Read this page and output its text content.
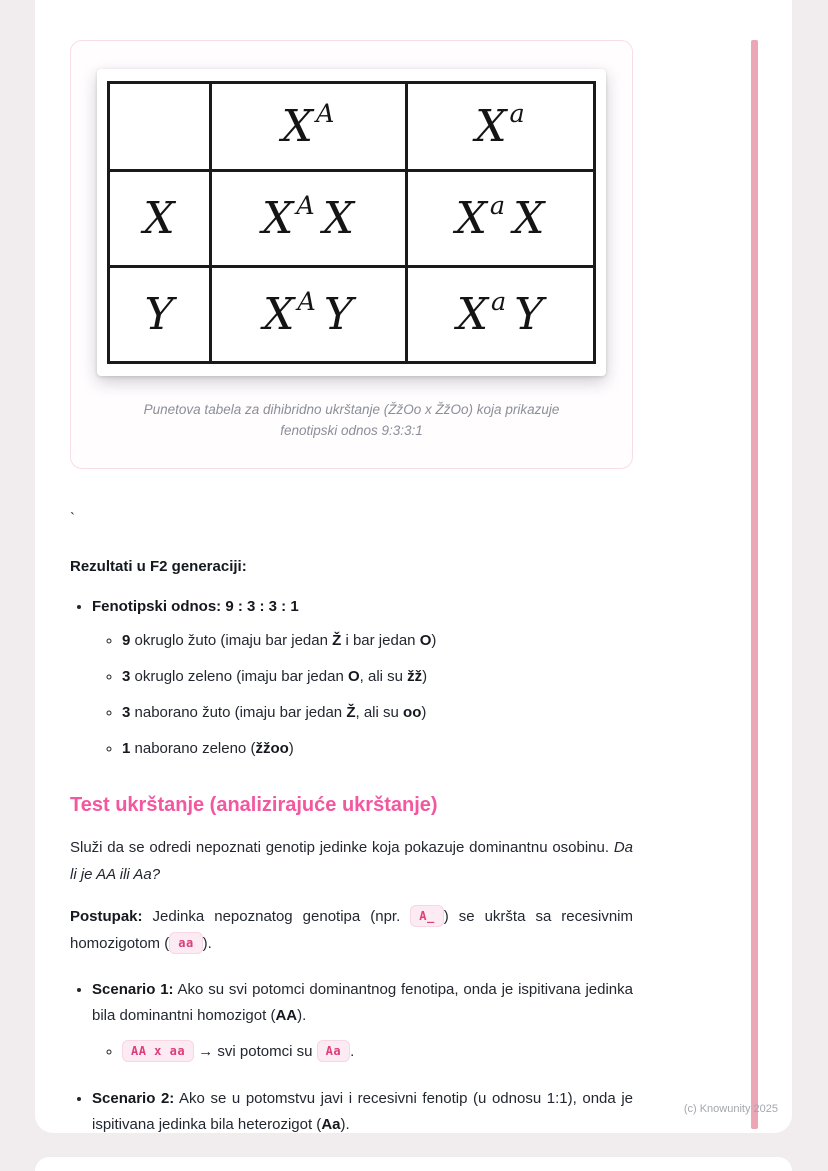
	$X^A$	$X^a$
X	$X^A$ X	$X^a$ X
Y	$X^A$ Y	$X^a$ Y
Punetova tabela za dihibridno ukrštanje (ŽžOo x ŽžOo) koja prikazuje fenotipski odnos 9:3:3:1
`

Rezultati u F2 generaciji:

• Fenotipski odnos: 9 : 3 : 3 : 1
◦ 9 okruglo žuto (imaju bar jedan Ž i bar jedan O)
◦ 3 okruglo zeleno (imaju bar jedan O, ali su žž)
◦ 3 naborano žuto (imaju bar jedan Ž, ali su oo)
◦ 1 naborano zeleno (žžoo)
Test ukrštanje (analizirajuće ukrštanje)

Služi da se odredi nepoznati genotip jedinke koja pokazuje dominantnu osobinu. Da li je AA ili Aa?

Postupak: Jedinka nepoznatog genotipa (npr. A_ ) se ukršta sa recesivnim homozigotom ( aa ).

• Scenario 1: Ako su svi potomci dominantnog fenotipa, onda je ispitivana jedinka bila dominantni homozigot (AA).
◦ AA x aa → svi potomci su Aa .
• Scenario 2: Ako se u potomstvu javi i recesivni fenotip (u odnosu 1:1), onda je ispitivana jedinka bila heterozigot (Aa).
(c) Knowunity 2025
